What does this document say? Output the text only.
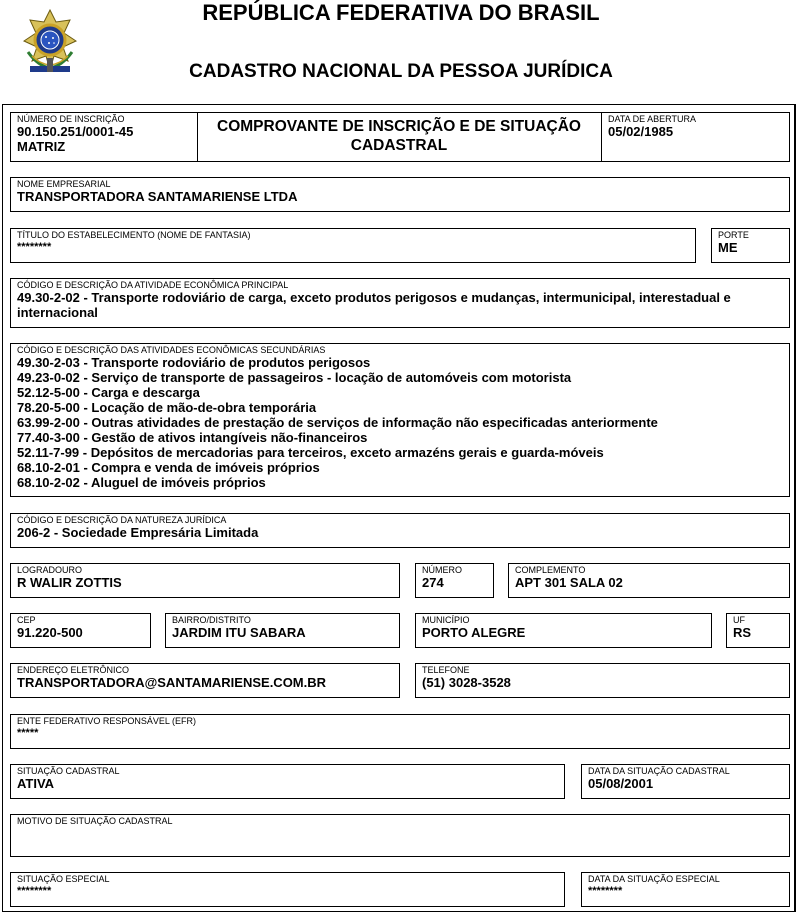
REPÚBLICA FEDERATIVA DO BRASIL
CADASTRO NACIONAL DA PESSOA JURÍDICA
NÚMERO DE INSCRIÇÃO
90.150.251/0001-45
MATRIZ
COMPROVANTE DE INSCRIÇÃO E DE SITUAÇÃO CADASTRAL
DATA DE ABERTURA
05/02/1985
NOME EMPRESARIAL
TRANSPORTADORA SANTAMARIENSE LTDA
TÍTULO DO ESTABELECIMENTO (NOME DE FANTASIA)
********
PORTE
ME
CÓDIGO E DESCRIÇÃO DA ATIVIDADE ECONÔMICA PRINCIPAL
49.30-2-02 - Transporte rodoviário de carga, exceto produtos perigosos e mudanças, intermunicipal, interestadual e
internacional
CÓDIGO E DESCRIÇÃO DAS ATIVIDADES ECONÔMICAS SECUNDÁRIAS
49.30-2-03 - Transporte rodoviário de produtos perigosos
49.23-0-02 - Serviço de transporte de passageiros - locação de automóveis com motorista
52.12-5-00 - Carga e descarga
78.20-5-00 - Locação de mão-de-obra temporária
63.99-2-00 - Outras atividades de prestação de serviços de informação não especificadas anteriormente
77.40-3-00 - Gestão de ativos intangíveis não-financeiros
52.11-7-99 - Depósitos de mercadorias para terceiros, exceto armazéns gerais e guarda-móveis
68.10-2-01 - Compra e venda de imóveis próprios
68.10-2-02 - Aluguel de imóveis próprios
CÓDIGO E DESCRIÇÃO DA NATUREZA JURÍDICA
206-2 - Sociedade Empresária Limitada
LOGRADOURO
R WALIR ZOTTIS
NÚMERO
274
COMPLEMENTO
APT 301 SALA 02
CEP
91.220-500
BAIRRO/DISTRITO
JARDIM ITU SABARA
MUNICÍPIO
PORTO ALEGRE
UF
RS
ENDEREÇO ELETRÔNICO
TRANSPORTADORA@SANTAMARIENSE.COM.BR
TELEFONE
(51) 3028-3528
ENTE FEDERATIVO RESPONSÁVEL (EFR)
*****
SITUAÇÃO CADASTRAL
ATIVA
DATA DA SITUAÇÃO CADASTRAL
05/08/2001
MOTIVO DE SITUAÇÃO CADASTRAL
SITUAÇÃO ESPECIAL
********
DATA DA SITUAÇÃO ESPECIAL
********
